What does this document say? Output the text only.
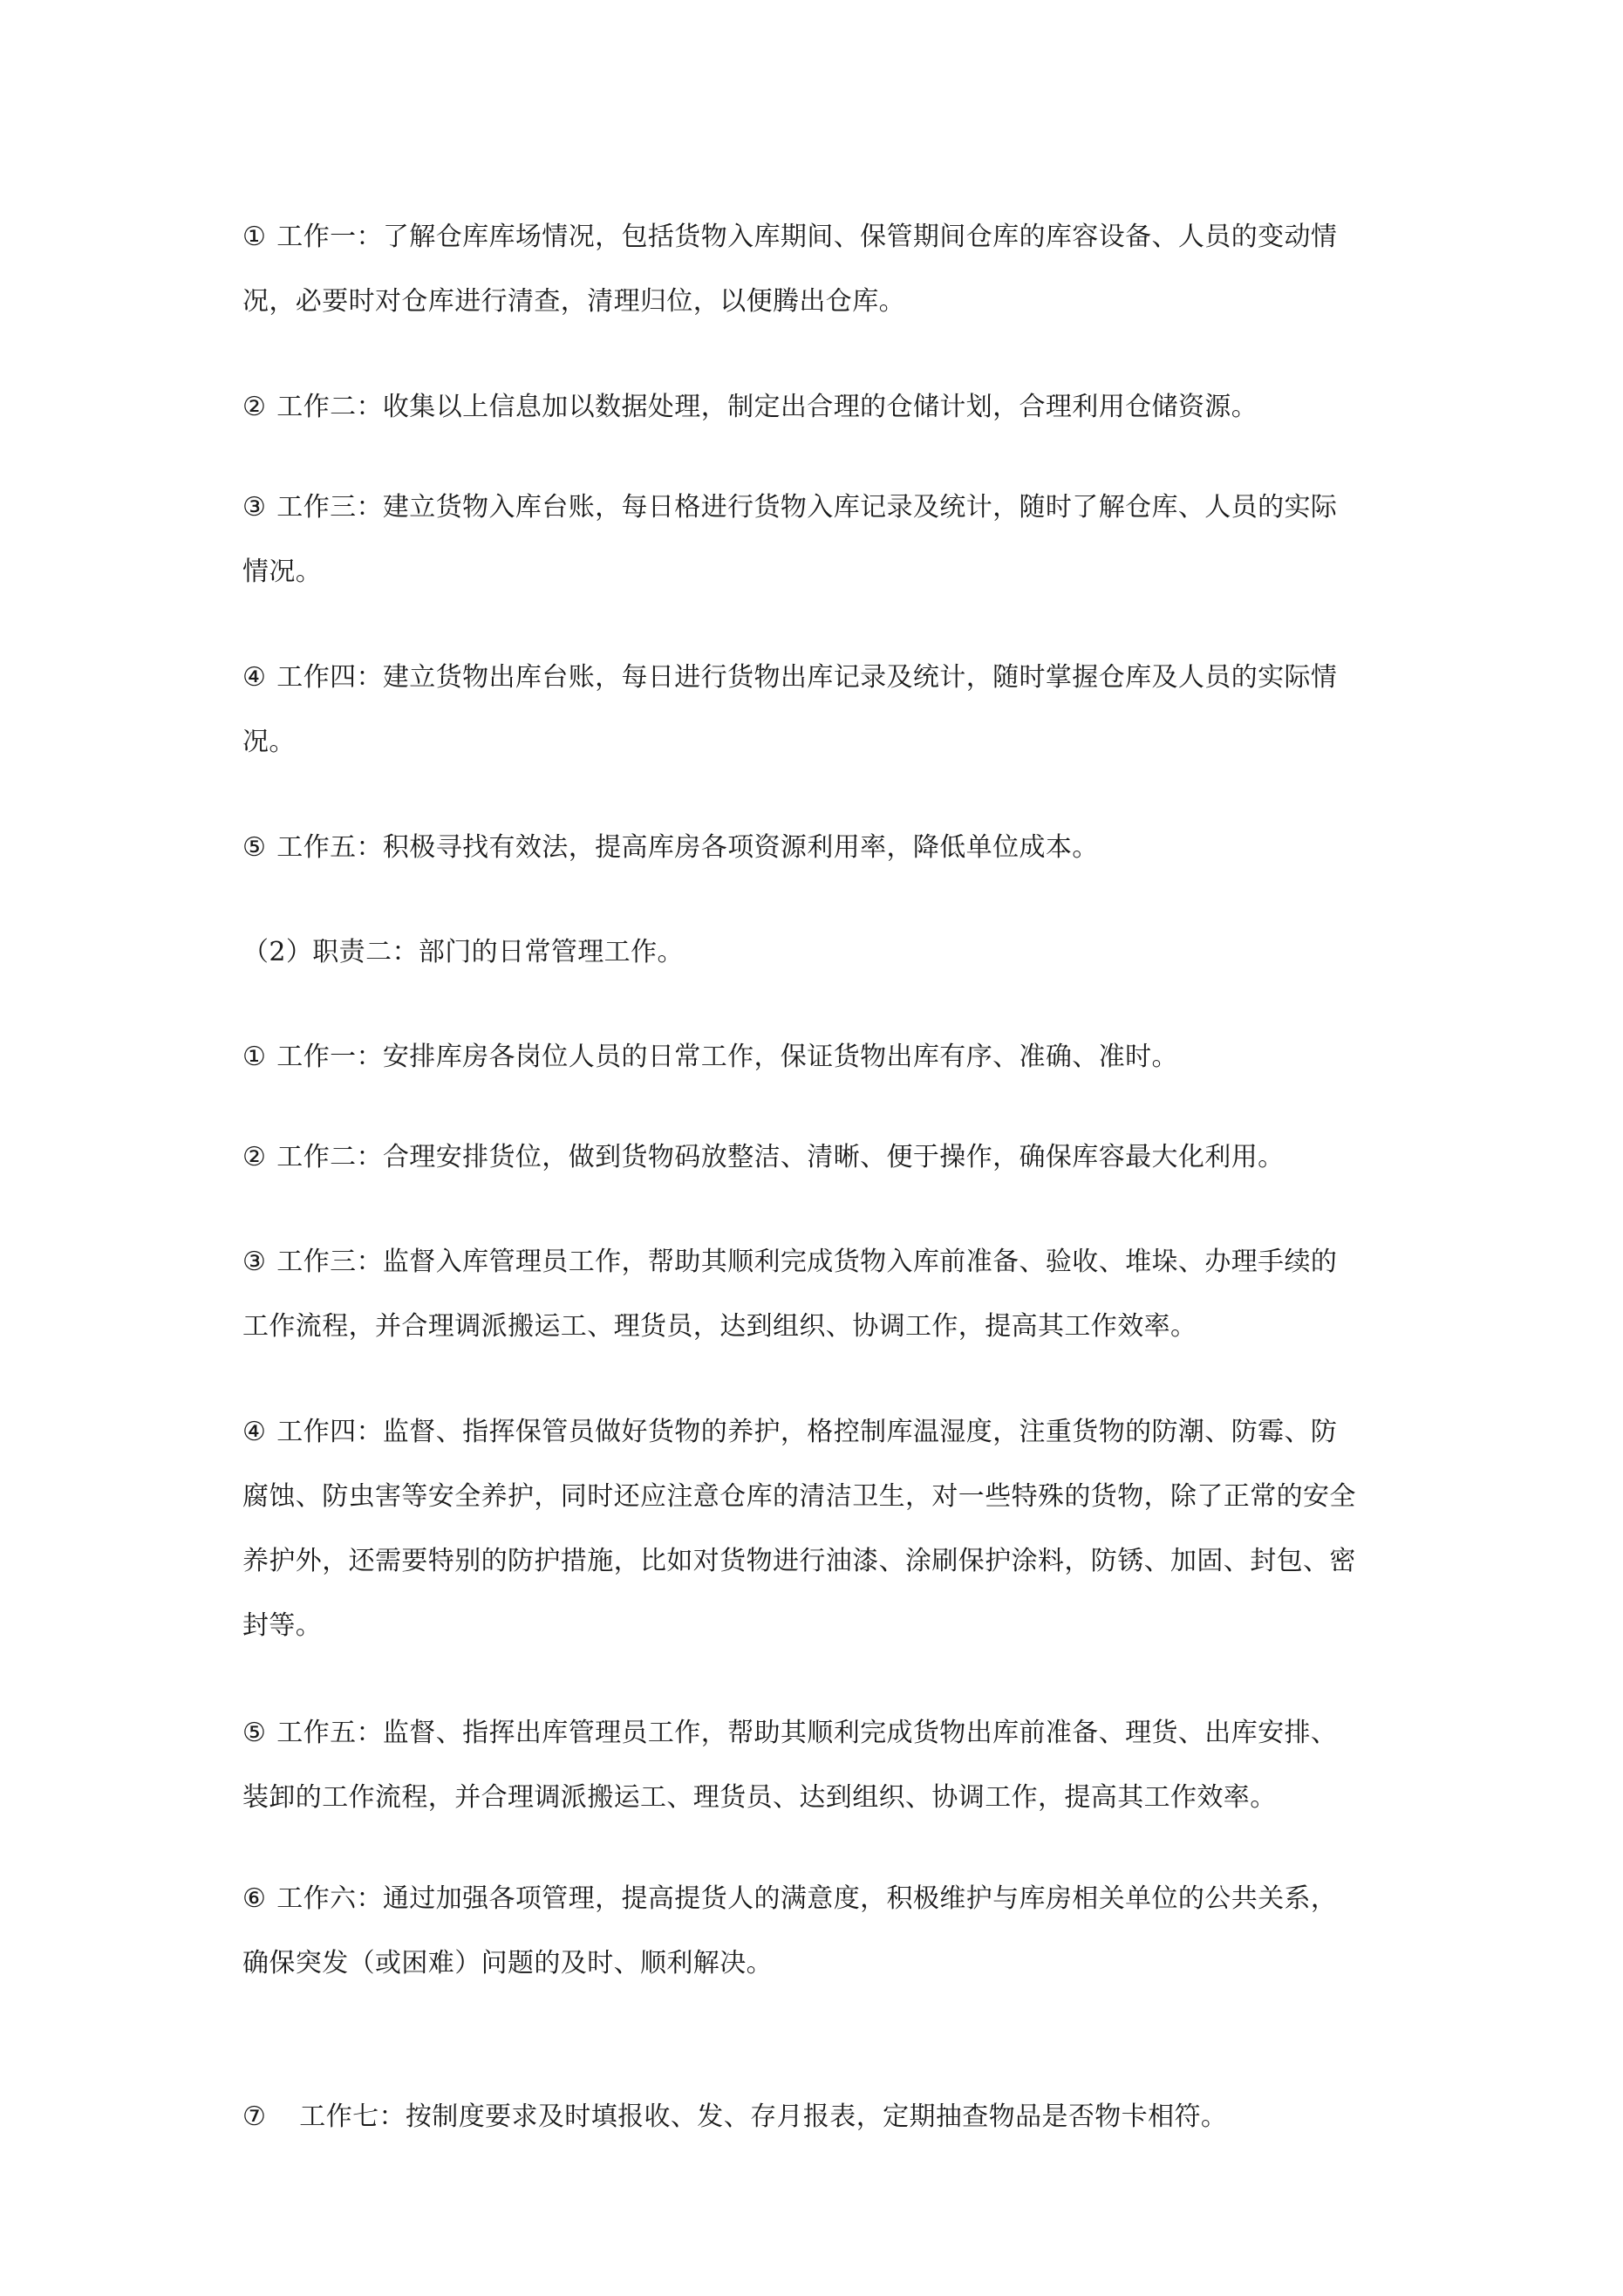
① 工作一：了解仓库库场情况，包括货物入库期间、保管期间仓库的库容设备、人员的变动情
况，必要时对仓库进行清查，清理归位，以便腾出仓库。
② 工作二：收集以上信息加以数据处理，制定出合理的仓储计划，合理利用仓储资源。
③ 工作三：建立货物入库台账，每日格进行货物入库记录及统计，随时了解仓库、人员的实际
情况。
④ 工作四：建立货物出库台账，每日进行货物出库记录及统计，随时掌握仓库及人员的实际情
况。
⑤ 工作五：积极寻找有效法，提高库房各项资源利用率，降低单位成本。
（2）职责二：部门的日常管理工作。
① 工作一：安排库房各岗位人员的日常工作，保证货物出库有序、准确、准时。
② 工作二：合理安排货位，做到货物码放整洁、清晰、便于操作，确保库容最大化利用。
③ 工作三：监督入库管理员工作，帮助其顺利完成货物入库前准备、验收、堆垛、办理手续的
工作流程，并合理调派搬运工、理货员，达到组织、协调工作，提高其工作效率。
④ 工作四：监督、指挥保管员做好货物的养护，格控制库温湿度，注重货物的防潮、防霉、防
腐蚀、防虫害等安全养护，同时还应注意仓库的清洁卫生，对一些特殊的货物，除了正常的安全
养护外，还需要特别的防护措施，比如对货物进行油漆、涂刷保护涂料，防锈、加固、封包、密
封等。
⑤ 工作五：监督、指挥出库管理员工作，帮助其顺利完成货物出库前准备、理货、出库安排、
装卸的工作流程，并合理调派搬运工、理货员、达到组织、协调工作，提高其工作效率。
⑥ 工作六：通过加强各项管理，提高提货人的满意度，积极维护与库房相关单位的公共关系，
确保突发（或困难）问题的及时、顺利解决。
⑦ 工作七：按制度要求及时填报收、发、存月报表，定期抽查物品是否物卡相符。
